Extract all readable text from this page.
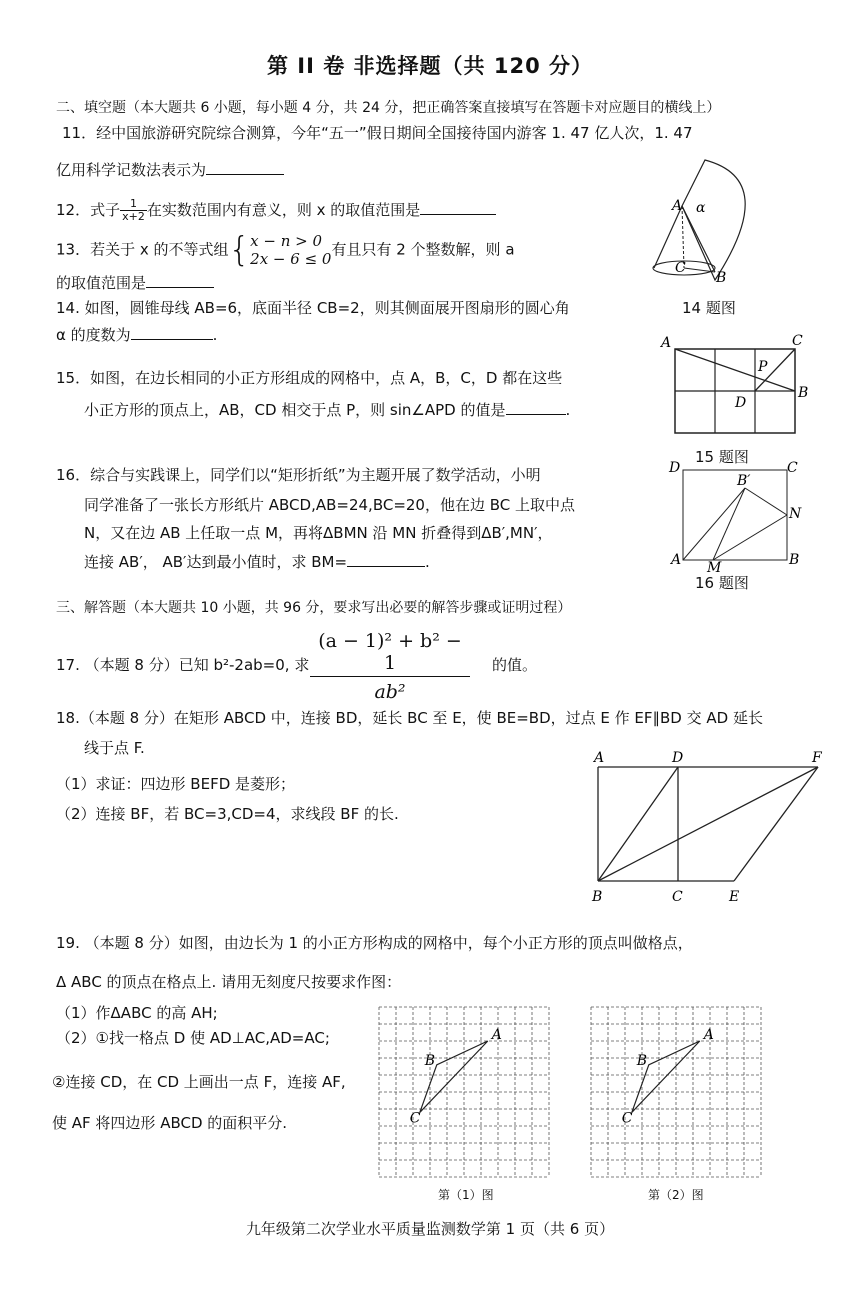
第 II 卷 非选择题（共 120 分）
二、填空题（本大题共 6 小题，每小题 4 分，共 24 分，把正确答案直接填写在答题卡对应题目的横线上）
11．经中国旅游研究院综合测算，今年“五一”假日期间全国接待国内游客 1. 47 亿人次，1. 47
亿用科学记数法表示为
12．式子 $\frac{1}{x+2}$ 在实数范围内有意义，则 x 的取值范围是
13．若关于 x 的不等式组{ x − n > 0
2x − 6 ≤ 0
有且只有 2 个整数解，则 a
的取值范围是
14. 如图，圆锥母线 AB=6，底面半径 CB=2，则其侧面展开图扇形的圆心角
α 的度数为	.
A α
C
B
14 题图
15．如图，在边长相同的小正方形组成的网格中，点 A，B，C，D 都在这些
小正方形的顶点上，AB，CD 相交于点 P，则 sin∠APD 的值是	.
A	C
P
B
D
15 题图
16．综合与实践课上，同学们以“矩形折纸”为主题开展了数学活动，小明
同学准备了一张长方形纸片 ABCD,AB=24,BC=20，他在边 BC 上取中点
N，又在边 AB 上任取一点 M，再将ΔBMN 沿 MN 折叠得到ΔB′,MN′，
连接 AB′， AB′达到最小值时，求 BM=	.
D	C
B′
N
A M	B
16 题图
三、解答题（本大题共 10 小题，共 96 分，要求写出必要的解答步骤或证明过程）
17. （本题 8 分）已知 b²-2ab=0, 求 $\frac{\text{(a − 1)² + b² − 1}}{\text{ab²}}$ 的值。
18.（本题 8 分）在矩形 ABCD 中，连接 BD，延长 BC 至 E，使 BE=BD，过点 E 作 EF∥BD 交 AD 延长
线于点 F.
（1）求证：四边形 BEFD 是菱形；
（2）连接 BF，若 BC=3,CD=4，求线段 BF 的长.
A	D	F
B	C	E
19. （本题 8 分）如图，由边长为 1 的小正方形构成的网格中，每个小正方形的顶点叫做格点，
Δ ABC 的顶点在格点上. 请用无刻度尺按要求作图：
（1）作ΔABC 的高 AH;
（2）①找一格点 D 使 AD⊥AC,AD=AC;
②连接 CD，在 CD 上画出一点 F，连接 AF,
使 AF 将四边形 ABCD 的面积平分.
A
B
C
第（1）图
A
B
C
第（2）图
九年级第二次学业水平质量监测数学第 1 页（共 6 页）
